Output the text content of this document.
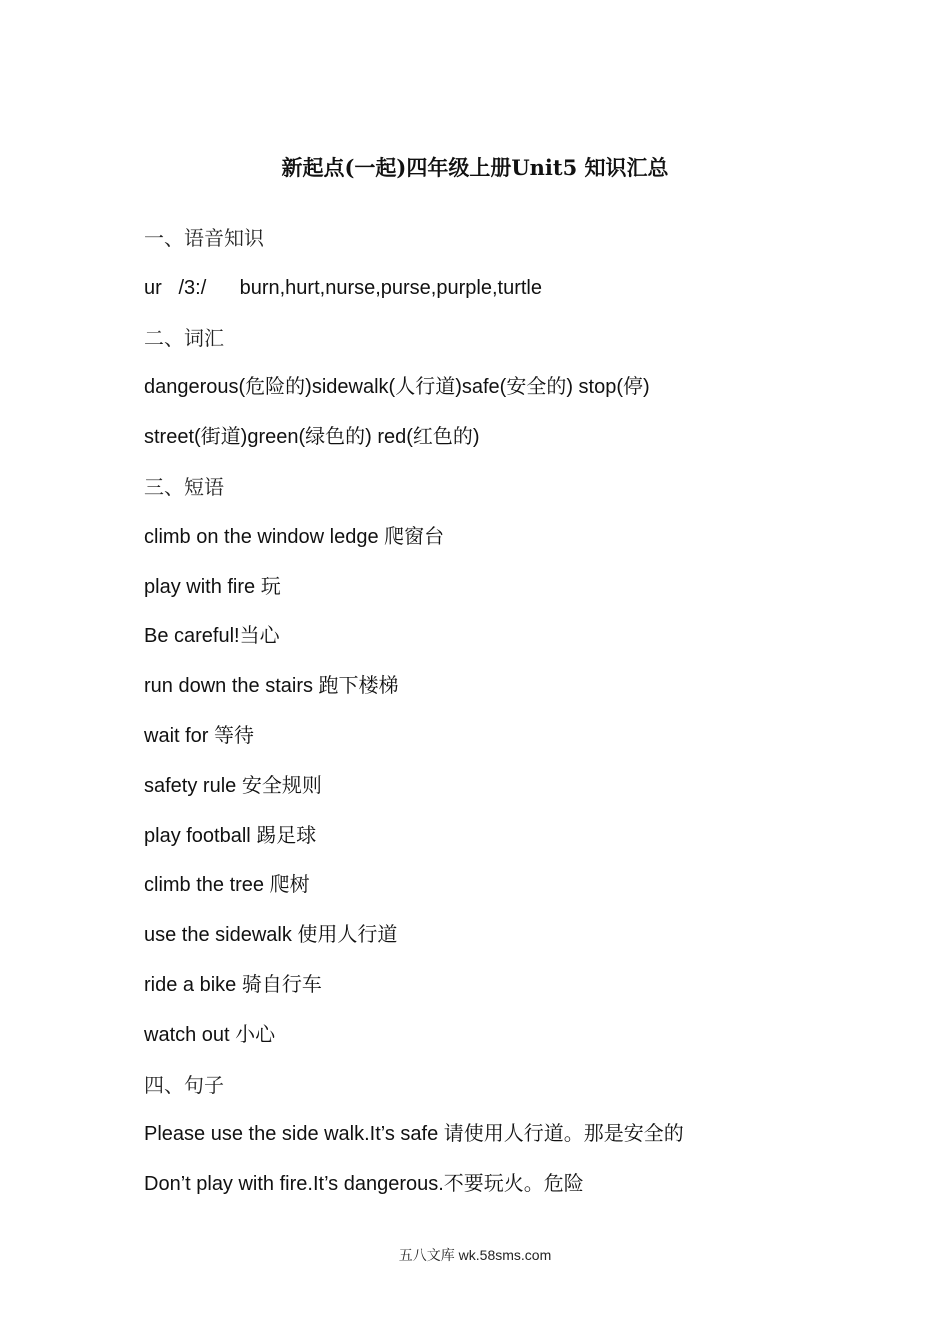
新起点(一起)四年级上册Unit5 知识汇总
一、语音知识
ur   /3:/      burn,hurt,nurse,purse,purple,turtle
二、词汇
dangerous(危险的)sidewalk(人行道)safe(安全的) stop(停)
street(街道)green(绿色的) red(红色的)
三、短语
climb on the window ledge 爬窗台
play with fire 玩
Be careful!当心
run down the stairs 跑下楼梯
wait for 等待
safety rule 安全规则
play football 踢足球
climb the tree 爬树
use the sidewalk 使用人行道
ride a bike 骑自行车
watch out 小心
四、句子
Please use the side walk.It’s safe 请使用人行道。那是安全的
Don’t play with fire.It’s dangerous.不要玩火。危险
五八文库 wk.58sms.com
